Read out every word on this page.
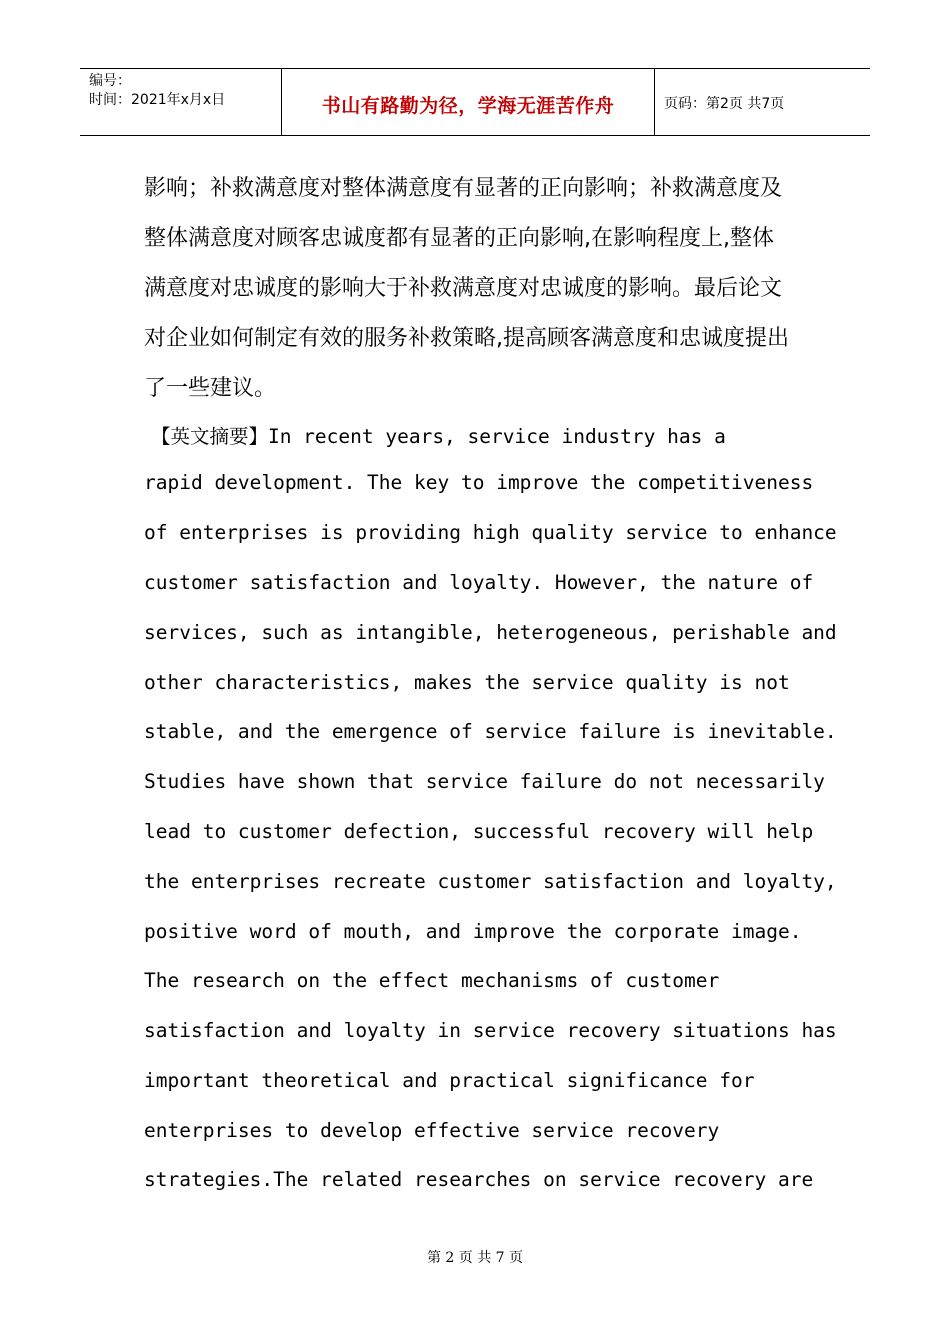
编号：
时间：2021年x月x日	书山有路勤为径，学海无涯苦作舟	页码：第2页 共7页
影响；补救满意度对整体满意度有显著的正向影响；补救满意度及
整体满意度对顾客忠诚度都有显著的正向影响,在影响程度上,整体
满意度对忠诚度的影响大于补救满意度对忠诚度的影响。最后论文
对企业如何制定有效的服务补救策略,提高顾客满意度和忠诚度提出
了一些建议。
【英文摘要】In recent years, service industry has a
rapid development. The key to improve the competitiveness
of enterprises is providing high quality service to enhance
customer satisfaction and loyalty. However, the nature of
services, such as intangible, heterogeneous, perishable and
other characteristics, makes the service quality is not
stable, and the emergence of service failure is inevitable.
Studies have shown that service failure do not necessarily
lead to customer defection, successful recovery will help
the enterprises recreate customer satisfaction and loyalty,
positive word of mouth, and improve the corporate image.
The research on the effect mechanisms of customer
satisfaction and loyalty in service recovery situations has
important theoretical and practical significance for
enterprises to develop effective service recovery
strategies.The related researches on service recovery are
第 2 页 共 7 页
